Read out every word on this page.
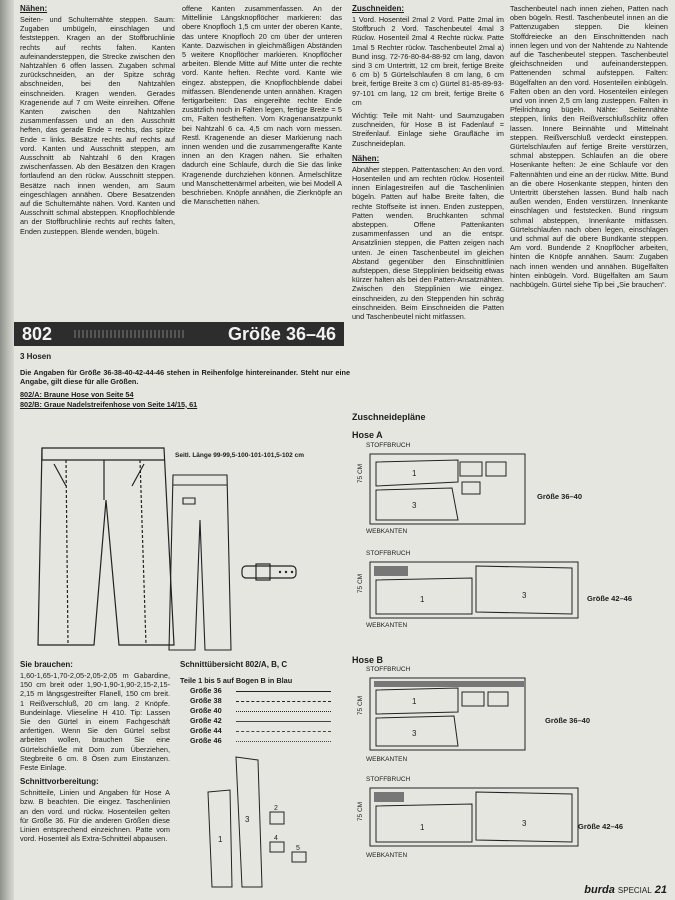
Nähen:

Seiten- und Schulternähte steppen. Saum: Zugaben umbügeln, einschlagen und feststeppen. Kragen an der Stoffbruchlinie rechts auf rechts falten. Kanten aufeinandersteppen, die Strecke zwischen den Nahtzahlen 6 offen lassen. Zugaben schmal zurückschneiden, an der Spitze schräg abschneiden, bei den Nahtzahlen einschneiden. Kragen wenden. Gerades Kragenende auf 7 cm Weite einreihen. Offene Kanten zwischen den Nahtzahlen zusammenfassen und an den Ausschnitt heften, das gerade Ende = rechts, das spitze Ende = links. Besätze rechts auf rechts auf vord. Kanten und Ausschnitt steppen, am Ausschnitt ab Nahtzahl 6 den Kragen zwischenfassen. Ab den Besätzen den Kragen fortlaufend an den rückw. Ausschnitt steppen. Besätze nach innen wenden, am Saum eingeschlagen annähen. Obere Besatzenden auf die Schulternähte nähen. Vord. Kanten und Ausschnitt schmal absteppen. Knopflochblende an der Stoffbruchlinie rechts auf rechts falten, Enden zusteppen. Blende wenden, bügeln.

offene Kanten zusammenfassen. An der Mittellinie Längsknopflöcher markieren: das obere Knopfloch 1,5 cm unter der oberen Kante, das untere Knopfloch 20 cm über der unteren Kante. Dazwischen in gleichmäßigen Abständen 5 weitere Knopflöcher markieren. Knopflöcher arbeiten. Blende Mitte auf Mitte unter die rechte vord. Kante heften. Rechte vord. Kante wie eingez. absteppen, die Knopflochblende dabei mitfassen. Blendenende unten annähen. Kragen fertigarbeiten: Das eingereihte rechte Ende zusätzlich noch in Falten legen, fertige Breite = 5 cm, Falten festheften. Vom Kragenansatzpunkt bei Nahtzahl 6 ca. 4,5 cm nach vorn messen. Restl. Kragenende an dieser Markierung nach innen wenden und die zusammengeraffte Kante innen an den Kragen nähen. Sie erhalten dadurch eine Schlaufe, durch die Sie das linke Kragenende durchziehen können. Ärmelschlitze und Manschettenärmel arbeiten, wie bei Modell A beschrieben. Knöpfe annähen, die Zierknöpfe an die Manschetten nähen.

802	Größe 36–46
3 Hosen

Die Angaben für Größe 36-38-40-42-44-46 stehen in Reihenfolge hintereinander. Steht nur eine Angabe, gilt diese für alle Größen.

802/A: Braune Hose von Seite 54

802/B: Graue Nadelstreifenhose von Seite 14/15, 61

Seitl. Länge 99-99,5-100-101-101,5-102 cm
Sie brauchen:

1,60-1,65-1,70-2,05-2,05-2,05 m Gabardine, 150 cm breit oder 1,90-1,90-1,90-2,15-2,15-2,15 m längsgestreifter Flanell, 150 cm breit. 1 Reißverschluß, 20 cm lang. 2 Knöpfe. Bundeinlage. Vlieseline H 410. Tip: Lassen Sie den Gürtel in einem Fachgeschäft anfertigen. Wenn Sie den Gürtel selbst arbeiten wollen, brauchen Sie eine Gürtelschließe mit Dorn zum Überziehen, Stegbreite 6 cm. 8 Ösen zum Einstanzen. Feste Einlage.

Schnittvorbereitung:

Schnitteile, Linien und Angaben für Hose A bzw. B beachten. Die eingez. Taschenlinien an den vord. und rückw. Hosenteilen gelten für Größe 36. Für die anderen Größen diese Linien entsprechend einzeichnen. Patte vom vord. Hosenteil als Extra-Schnitteil abpausen.

Schnittübersicht 802/A, B, C

Teile 1 bis 5 auf Bogen B in Blau

Größe 36
Größe 38
Größe 40
Größe 42
Größe 44
Größe 46
1
3
2
4
5
Zuschneiden:

1 Vord. Hosenteil 2mal 2 Vord. Patte 2mal im Stoffbruch 2 Vord. Taschenbeutel 4mal 3 Rückw. Hosenteil 2mal 4 Rechte rückw. Patte 1mal 5 Rechter rückw. Taschenbeutel 2mal a) Bund insg. 72-76-80-84-88-92 cm lang, davon sind 3 cm Untertritt, 12 cm breit, fertige Breite 6 cm b) 5 Gürtelschlaufen 8 cm lang, 6 cm breit, fertige Breite 3 cm c) Gürtel 81-85-89-93-97-101 cm lang, 12 cm breit, fertige Breite 6 cm

Wichtig: Teile mit Naht- und Saumzugaben zuschneiden, für Hose B ist Fadenlauf = Streifenlauf. Einlage siehe Graufläche im Zuschneideplan.

Nähen:

Abnäher steppen. Pattentaschen: An den vord. Hosenteilen und am rechten rückw. Hosenteil innen Einlagestreifen auf die Taschenlinien bügeln. Patten auf halbe Breite falten, die rechte Stoffseite ist innen. Enden zusteppen, Patten wenden. Bruchkanten schmal absteppen. Offene Pattenkanten zusammenfassen und an die entspr. Ansatzlinien steppen, die Patten zeigen nach unten. Je einen Taschenbeutel im gleichen Abstand gegenüber den Einschnittlinien aufsteppen, diese Stepplinien beidseitig etwas kürzer halten als bei den Patten-Ansatznähten. Zwischen den Stepplinien wie eingez. einschneiden, zu den Steppenden hin schräg einschneiden. Beim Einschneiden die Patten und Taschenbeutel nicht mitfassen.

Taschenbeutel nach innen ziehen, Patten nach oben bügeln. Restl. Taschenbeutel innen an die Pattenzugaben steppen. Die kleinen Stoffdreiecke an den Einschnittenden nach innen legen und von der Nahtende zu Nahtende auf die Taschenbeutel steppen. Taschenbeutel gleichschneiden und aufeinandersteppen. Pattenenden schmal aufsteppen. Falten: Bügelfalten an den vord. Hosenteilen einbügeln. Falten oben an den vord. Hosenteilen einlegen und von innen 2,5 cm lang zusteppen. Falten in Pfeilrichtung bügeln. Nähte: Seitennähte steppen, links den Reißverschlußschlitz offen lassen. Innere Beinnähte und Mittelnaht steppen. Reißverschluß verdeckt einsteppen. Gürtelschlaufen auf fertige Breite verstürzen, schmal absteppen. Schlaufen an die obere Hosenkante heften: Je eine Schlaufe vor den Faltennähten und eine an der rückw. Mitte. Bund an die obere Hosenkante steppen, hinten den Untertritt überstehen lassen. Bund halb nach außen wenden, Enden verstürzen. Innenkante einschlagen und feststecken. Bund ringsum schmal absteppen, Innenkante mitfassen. Gürtelschlaufen nach oben legen, einschlagen und schmal auf die obere Bundkante steppen. Am vord. Bundende 2 Knopflöcher arbeiten, hinten die Knöpfe annähen. Saum: Zugaben nach innen wenden und annähen. Bügelfalten hinten einbügeln. Vord. Bügelfalten am Saum nachbügeln. Gürtel siehe Tip bei „Sie brauchen“.

Zuschneidepläne
Hose A
Hose B
STOFFBRUCH
1
3
WEBKANTEN
75 CM
Größe 36–40
STOFFBRUCH
1	3
WEBKANTEN
75 CM
Größe 42–46
STOFFBRUCH
1
3
WEBKANTEN
75 CM
Größe 36–40
STOFFBRUCH
1	3
WEBKANTEN
75 CM
Größe 42–46
burda SPECIAL 21
